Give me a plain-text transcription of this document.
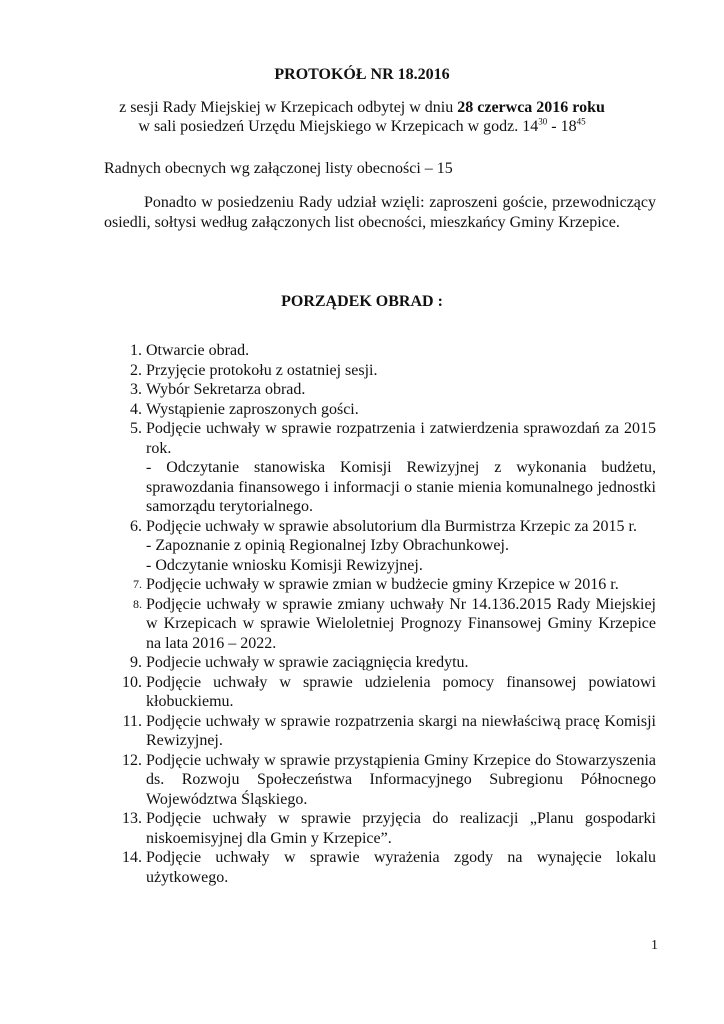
PROTOKÓŁ NR 18.2016
z sesji Rady Miejskiej w Krzepicach odbytej w dniu 28 czerwca 2016 roku
w sali posiedzeń Urzędu Miejskiego w Krzepicach w godz. $14^{30} - 18^{45}$
Radnych obecnych wg załączonej listy obecności – 15
Ponadto w posiedzeniu Rady udział wzięli: zaproszeni goście, przewodniczący osiedli, sołtysi według załączonych list obecności, mieszkańcy Gminy Krzepice.
PORZĄDEK OBRAD :
1. Otwarcie obrad.
2. Przyjęcie protokołu z ostatniej sesji.
3. Wybór Sekretarza obrad.
4. Wystąpienie zaproszonych gości.
5. Podjęcie uchwały w sprawie rozpatrzenia i zatwierdzenia sprawozdań za 2015 rok.
- Odczytanie stanowiska Komisji Rewizyjnej z wykonania budżetu, sprawozdania finansowego i informacji o stanie mienia komunalnego jednostki samorządu terytorialnego.
6. Podjęcie uchwały w sprawie absolutorium dla Burmistrza Krzepic za 2015 r.
- Zapoznanie z opinią Regionalnej Izby Obrachunkowej.
- Odczytanie wniosku Komisji Rewizyjnej.
7. Podjęcie uchwały w sprawie zmian w budżecie gminy Krzepice w 2016 r.
8. Podjęcie uchwały w sprawie zmiany uchwały Nr 14.136.2015 Rady Miejskiej w Krzepicach w sprawie Wieloletniej Prognozy Finansowej Gminy Krzepice na lata 2016 – 2022.
9. Podjecie uchwały w sprawie zaciągnięcia kredytu.
10. Podjęcie uchwały w sprawie udzielenia pomocy finansowej powiatowi kłobuckiemu.
11. Podjęcie uchwały w sprawie rozpatrzenia skargi na niewłaściwą pracę Komisji Rewizyjnej.
12. Podjęcie uchwały w sprawie przystąpienia Gminy Krzepice do Stowarzyszenia ds. Rozwoju Społeczeństwa Informacyjnego Subregionu Północnego Województwa Śląskiego.
13. Podjęcie uchwały w sprawie przyjęcia do realizacji „Planu gospodarki niskoemisyjnej dla Gmin y Krzepice”.
14. Podjęcie uchwały w sprawie wyrażenia zgody na wynajęcie lokalu użytkowego.
1
